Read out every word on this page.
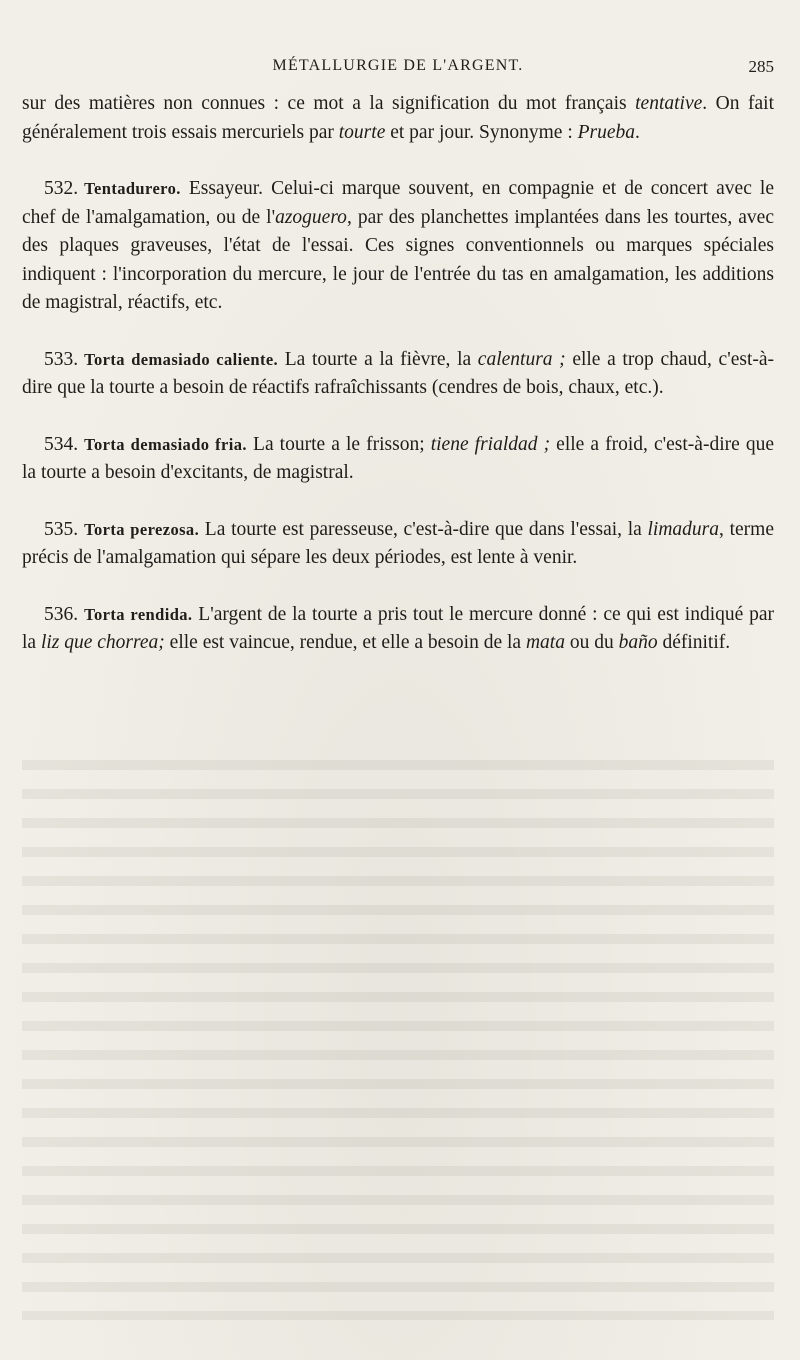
MÉTALLURGIE DE L'ARGENT.	285

sur des matières non connues : ce mot a la signification du mot français tentative. On fait généralement trois essais mercuriels par tourte et par jour. Synonyme : Prueba.

532. Tentadurero. Essayeur. Celui-ci marque souvent, en compagnie et de concert avec le chef de l'amalgamation, ou de l'azoguero, par des planchettes implantées dans les tourtes, avec des plaques graveuses, l'état de l'essai. Ces signes conventionnels ou marques spéciales indiquent : l'incorporation du mercure, le jour de l'entrée du tas en amalgamation, les additions de magistral, réactifs, etc.

533. Torta demasiado caliente. La tourte a la fièvre, la calentura ; elle a trop chaud, c'est-à-dire que la tourte a besoin de réactifs rafraîchissants (cendres de bois, chaux, etc.).

534. Torta demasiado fria. La tourte a le frisson; tiene frialdad ; elle a froid, c'est-à-dire que la tourte a besoin d'excitants, de magistral.

535. Torta perezosa. La tourte est paresseuse, c'est-à-dire que dans l'essai, la limadura, terme précis de l'amalgamation qui sépare les deux périodes, est lente à venir.

536. Torta rendida. L'argent de la tourte a pris tout le mercure donné : ce qui est indiqué par la liz que chorrea; elle est vaincue, rendue, et elle a besoin de la mata ou du baño définitif.
